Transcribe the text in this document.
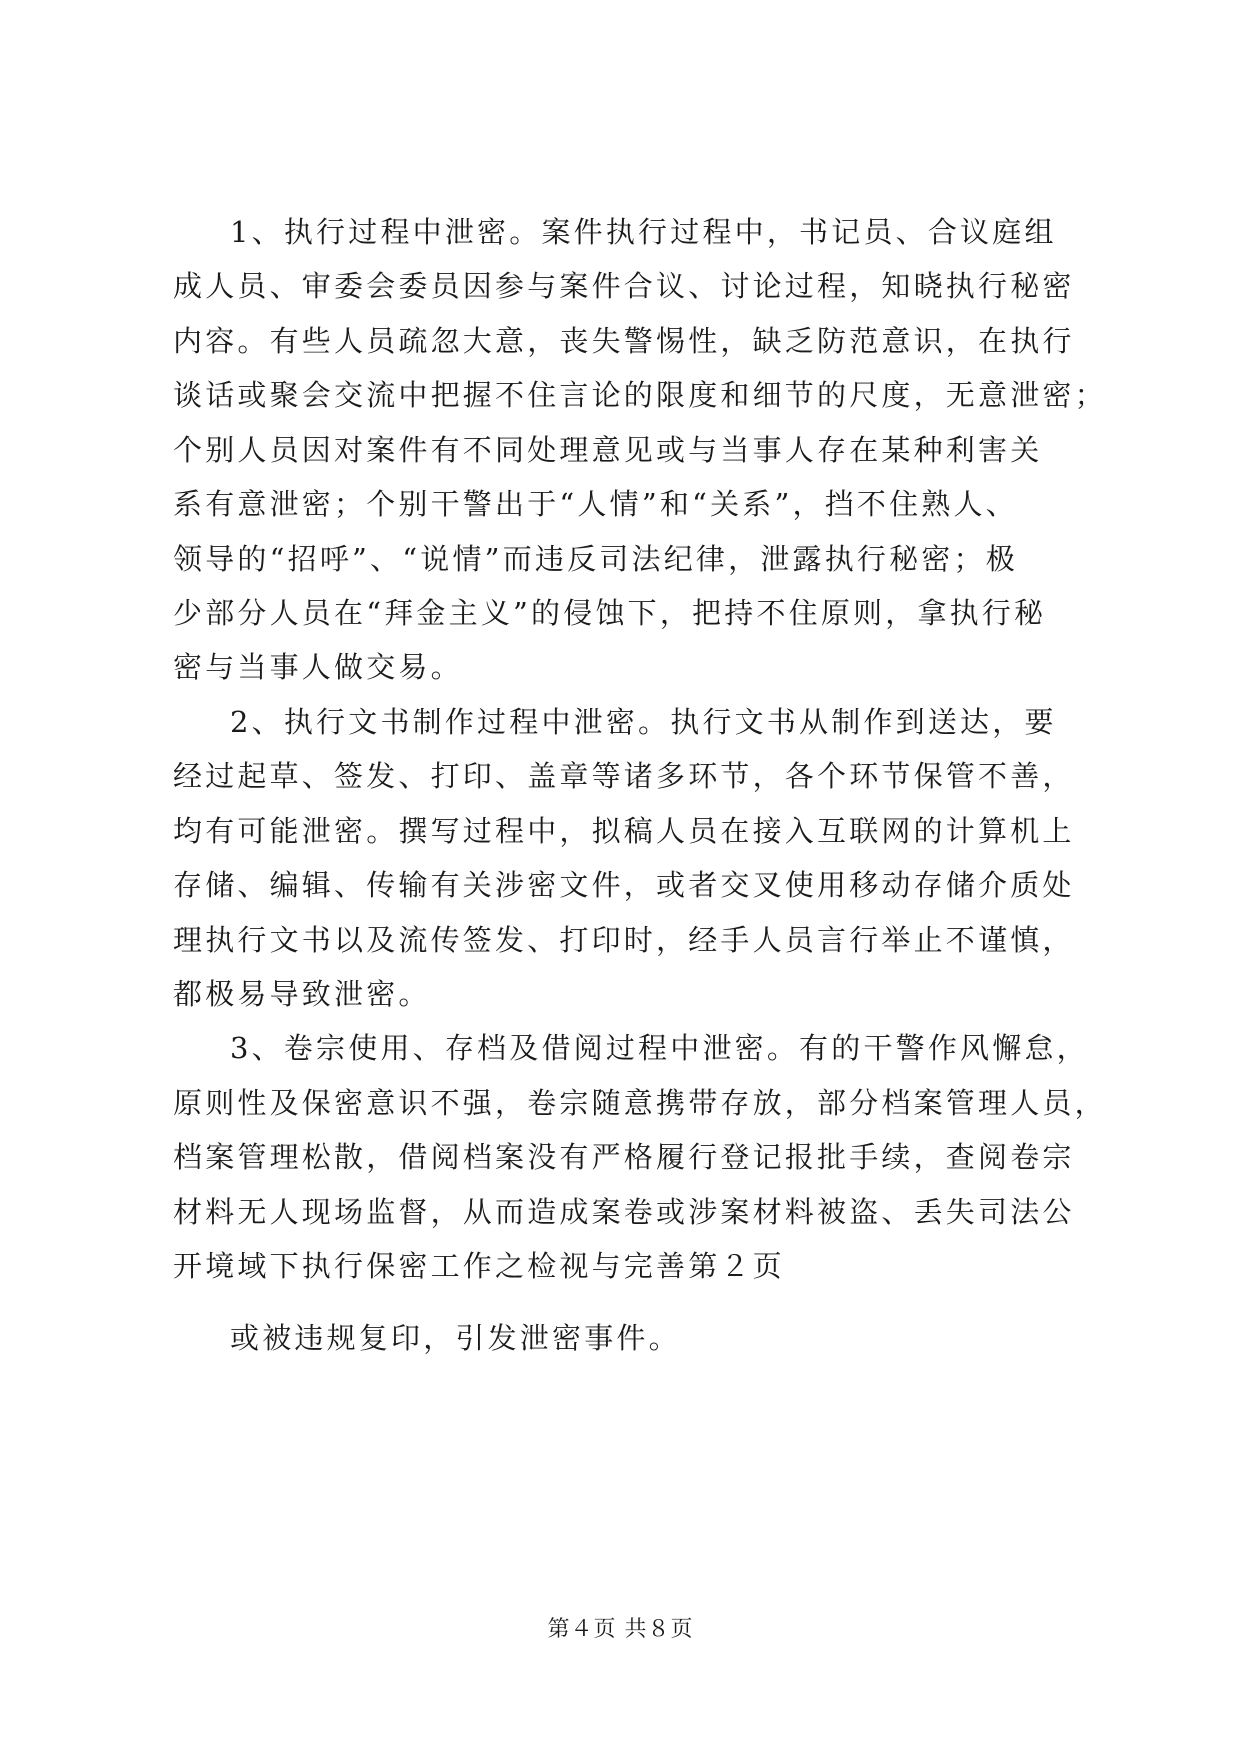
1、执行过程中泄密。案件执行过程中，书记员、合议庭组
成人员、审委会委员因参与案件合议、讨论过程，知晓执行秘密
内容。有些人员疏忽大意，丧失警惕性，缺乏防范意识，在执行
谈话或聚会交流中把握不住言论的限度和细节的尺度，无意泄密；
个别人员因对案件有不同处理意见或与当事人存在某种利害关
系有意泄密；个别干警出于“人情”和“关系”，挡不住熟人、
领导的“招呼”、“说情”而违反司法纪律，泄露执行秘密；极
少部分人员在“拜金主义”的侵蚀下，把持不住原则，拿执行秘
密与当事人做交易。
2、执行文书制作过程中泄密。执行文书从制作到送达，要
经过起草、签发、打印、盖章等诸多环节，各个环节保管不善，
均有可能泄密。撰写过程中，拟稿人员在接入互联网的计算机上
存储、编辑、传输有关涉密文件，或者交叉使用移动存储介质处
理执行文书以及流传签发、打印时，经手人员言行举止不谨慎，
都极易导致泄密。
3、卷宗使用、存档及借阅过程中泄密。有的干警作风懈怠，
原则性及保密意识不强，卷宗随意携带存放，部分档案管理人员，
档案管理松散，借阅档案没有严格履行登记报批手续，查阅卷宗
材料无人现场监督，从而造成案卷或涉案材料被盗、丢失司法公
开境域下执行保密工作之检视与完善第２页
或被违规复印，引发泄密事件。
第４页 共８页
